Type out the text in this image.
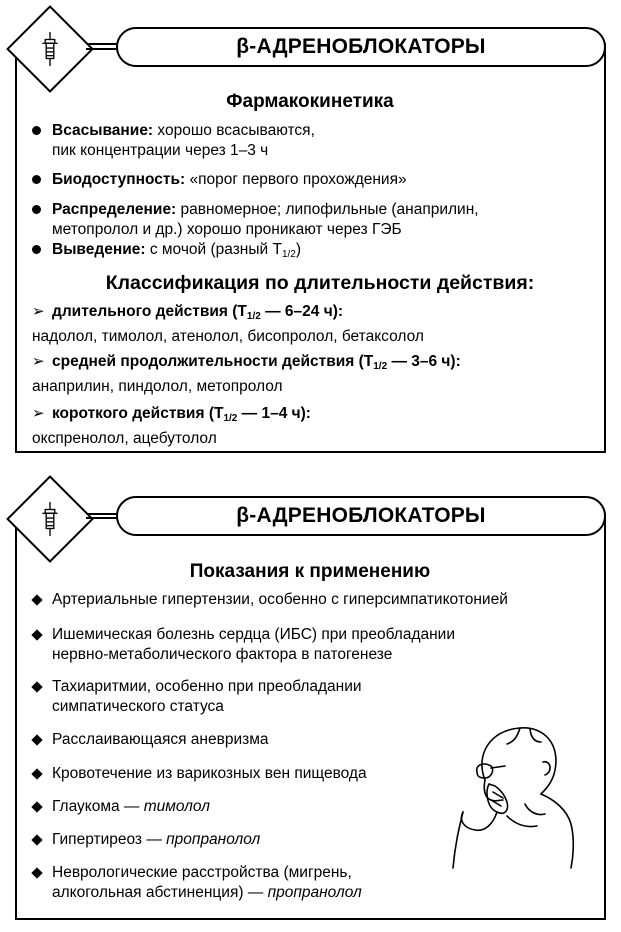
β-АДРЕНОБЛОКАТОРЫ
Фармакокинетика
Всасывание: хорошо всасываются,
пик концентрации через 1–3 ч
Биодоступность: «порог первого прохождения»
Распределение: равномерное; липофильные (анаприлин,
метопролол и др.) хорошо проникают через ГЭБ
Выведение: с мочой (разный $Т_{1/2}$)
Классификация по длительности действия:
➢ длительного действия ($Т_{1/2}$ — 6–24 ч):
надолол, тимолол, атенолол, бисопролол, бетаксолол
➢ средней продолжительности действия ($Т_{1/2}$ — 3–6 ч):
анаприлин, пиндолол, метопролол
➢ короткого действия ($Т_{1/2}$ — 1–4 ч):
окспренолол, ацебутолол
β-АДРЕНОБЛОКАТОРЫ
Показания к применению
Артериальные гипертензии, особенно с гиперсимпатикотонией
Ишемическая болезнь сердца (ИБС) при преобладании
нервно-метаболического фактора в патогенезе
Тахиаритмии, особенно при преобладании
симпатического статуса
Расслаивающаяся аневризма
Кровотечение из варикозных вен пищевода
Глаукома — тимолол
Гипертиреоз — пропранолол
Неврологические расстройства (мигрень,
алкогольная абстиненция) — пропранолол
